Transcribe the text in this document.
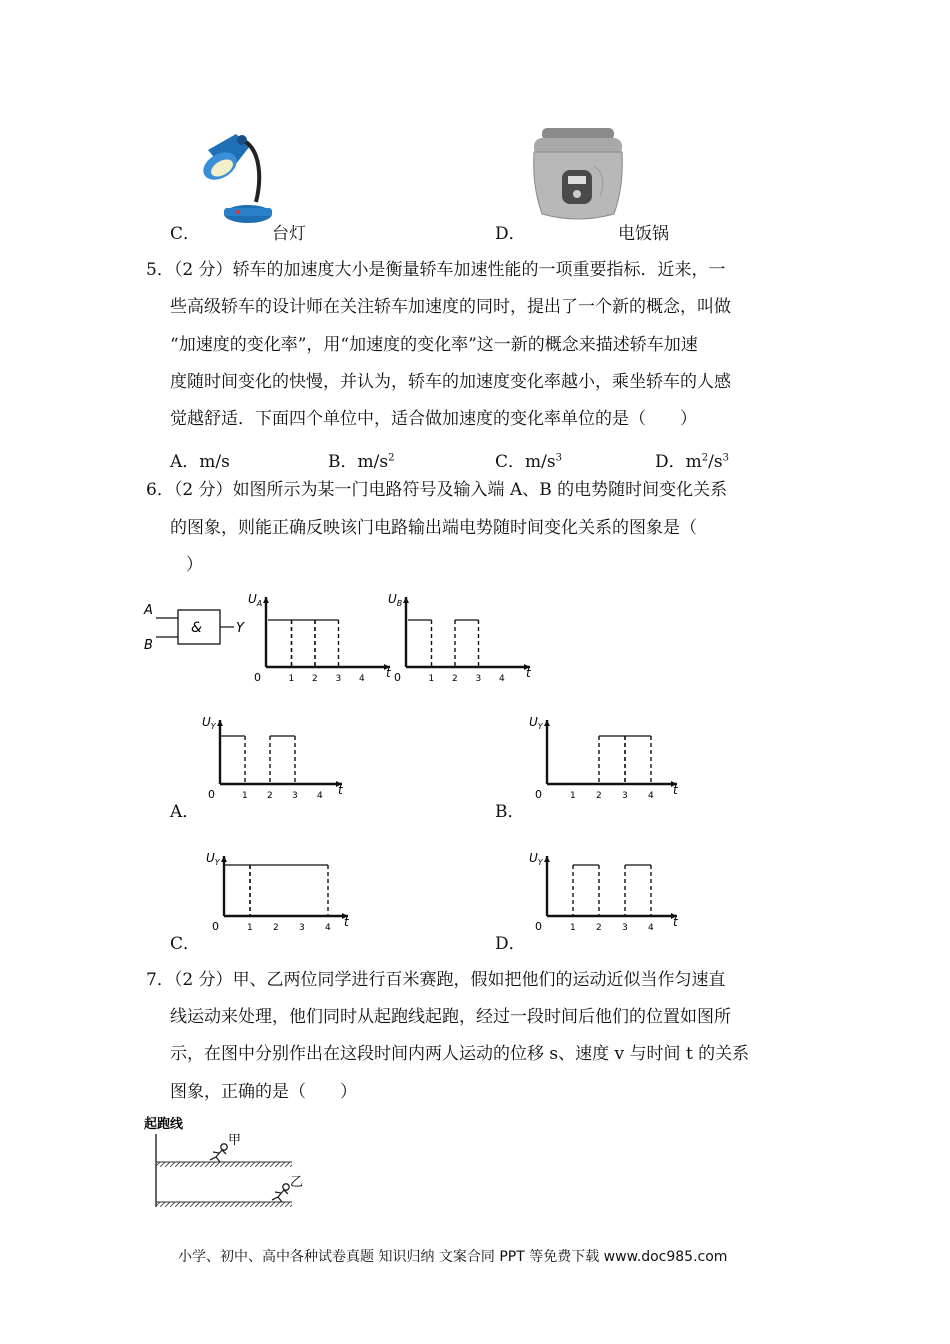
C．	台灯	D．	电饭锅
5．（2 分）轿车的加速度大小是衡量轿车加速性能的一项重要指标．近来，一
些高级轿车的设计师在关注轿车加速度的同时，提出了一个新的概念，叫做
“加速度的变化率”，用“加速度的变化率”这一新的概念来描述轿车加速
度随时间变化的快慢，并认为，轿车的加速度变化率越小，乘坐轿车的人感
觉越舒适．下面四个单位中，适合做加速度的变化率单位的是（　　）
A．m/s	B．$m/s^2$	C．$m/s^3$	D．$m^2/s^3$
6．（2 分）如图所示为某一门电路符号及输入端 A、B 的电势随时间变化关系
的图象，则能正确反映该门电路输出端电势随时间变化关系的图象是（
）
A
B
&	Y
$U_A$
0	t
1 2 3 4
$U_B$
0	t
1 2 3 4
A．
$U_Y$
0	t
1 2 3 4
B．
$U_Y$
0	t
1 2 3 4
C．
$U_Y$
0	t
1 2 3 4
D．
$U_Y$
0	t
1 2 3 4
7．（2 分）甲、乙两位同学进行百米赛跑，假如把他们的运动近似当作匀速直
线运动来处理，他们同时从起跑线起跑，经过一段时间后他们的位置如图所
示，在图中分别作出在这段时间内两人运动的位移 s、速度 v 与时间 t 的关系
图象，正确的是（　　）
起跑线
甲
乙
小学、初中、高中各种试卷真题 知识归纳 文案合同 PPT 等免费下载 www.doc985.com
